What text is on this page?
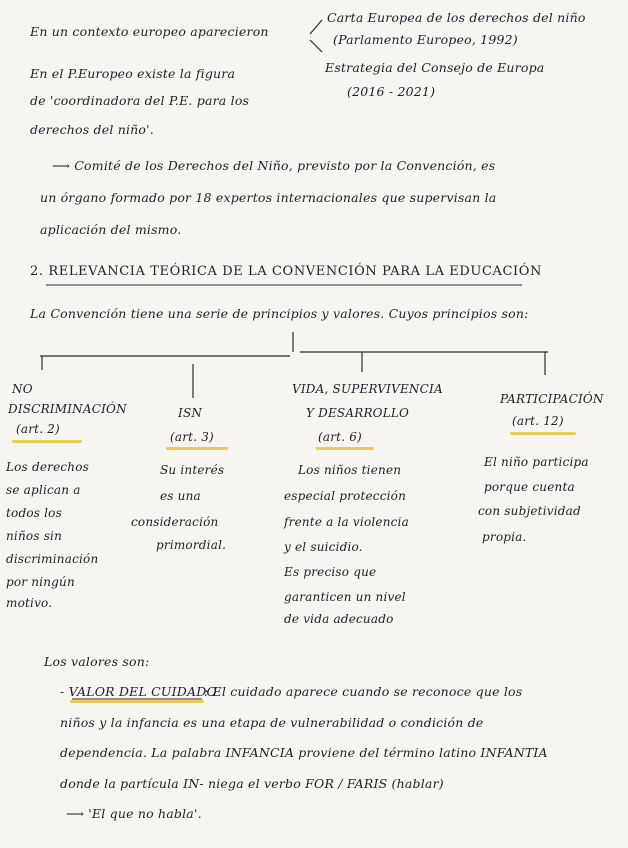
En un contexto europeo aparecieron
Carta Europea de los derechos del niño
(Parlamento Europeo, 1992)
Estrategia del Consejo de Europa
(2016 - 2021)
En el P.Europeo existe la figura
de 'coordinadora del P.E. para los
derechos del niño'.
⟶ Comité de los Derechos del Niño, previsto por la Convención, es
un órgano formado por 18 expertos internacionales que supervisan la
aplicación del mismo.
2. RELEVANCIA TEÓRICA DE LA CONVENCIÓN PARA LA EDUCACIÓN
La Convención tiene una serie de principios y valores. Cuyos principios son:
NO
DISCRIMINACIÓN
(art. 2)
Los derechos
se aplican a
todos los
niños sin
discriminación
por ningún
motivo.
ISN
(art. 3)
Su interés
es una
consideración
primordial.
VIDA, SUPERVIVENCIA
Y DESARROLLO
(art. 6)
Los niños tienen
especial protección
frente a la violencia
y el suicidio.
Es preciso que
garanticen un nivel
de vida adecuado
PARTICIPACIÓN
(art. 12)
El niño participa
porque cuenta
con subjetividad
propia.
Los valores son:
- VALOR DEL CUIDADO
: El cuidado aparece cuando se reconoce que los
niños y la infancia es una etapa de vulnerabilidad o condición de
dependencia. La palabra INFANCIA proviene del término latino INFANTIA
donde la partícula IN- niega el verbo FOR / FARIS (hablar)
⟶ 'El que no habla'.
